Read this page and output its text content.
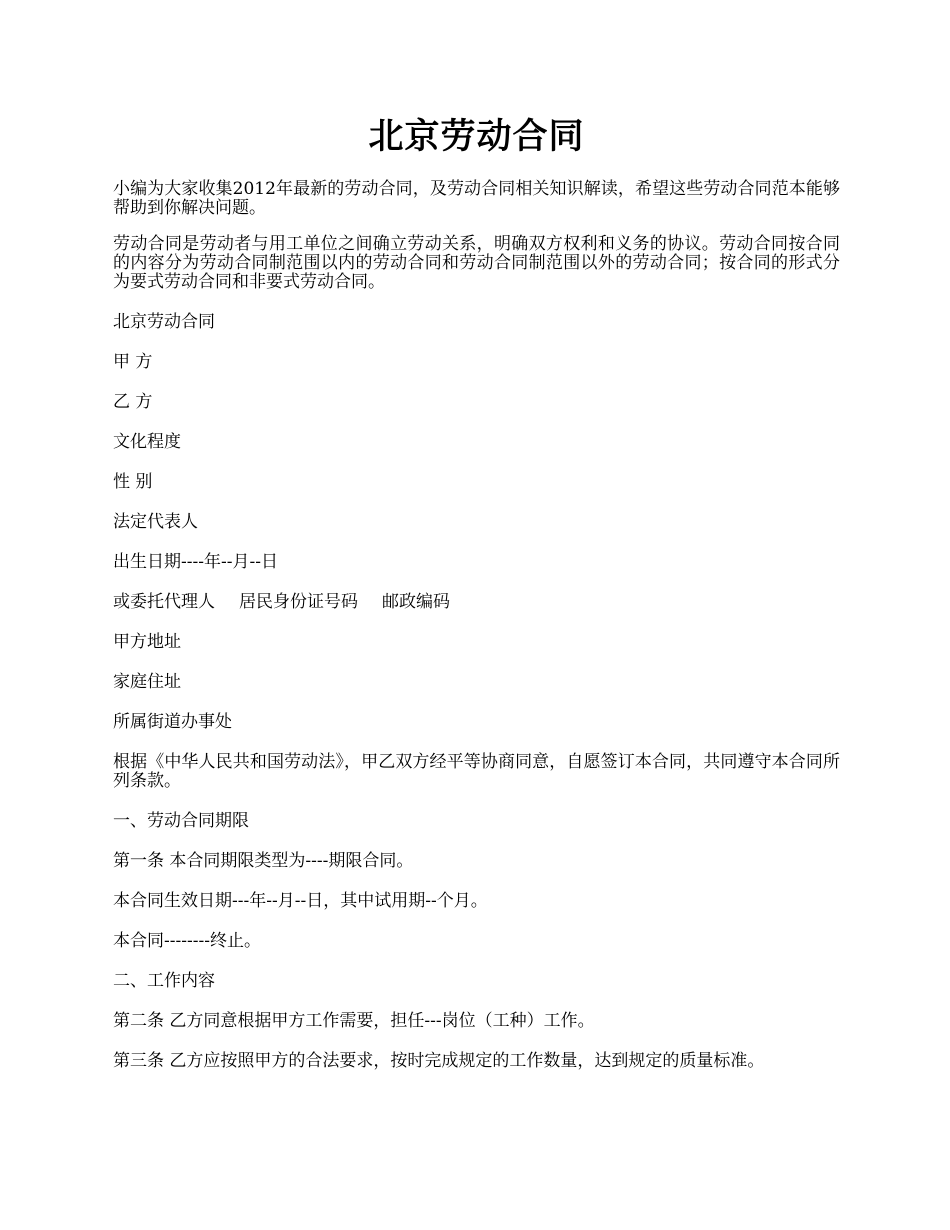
北京劳动合同

小编为大家收集2012年最新的劳动合同，及劳动合同相关知识解读，希望这些劳动合同范本能够帮助到你解决问题。

劳动合同是劳动者与用工单位之间确立劳动关系，明确双方权利和义务的协议。劳动合同按合同的内容分为劳动合同制范围以内的劳动合同和劳动合同制范围以外的劳动合同；按合同的形式分为要式劳动合同和非要式劳动合同。

北京劳动合同

甲 方

乙 方

文化程度

性 别

法定代表人

出生日期----年--月--日

或委托代理人 居民身份证号码 邮政编码

甲方地址

家庭住址

所属街道办事处

根据《中华人民共和国劳动法》，甲乙双方经平等协商同意，自愿签订本合同，共同遵守本合同所列条款。

一、劳动合同期限

第一条 本合同期限类型为----期限合同。

本合同生效日期---年--月--日，其中试用期--个月。

本合同--------终止。

二、工作内容

第二条 乙方同意根据甲方工作需要，担任---岗位（工种）工作。

第三条 乙方应按照甲方的合法要求，按时完成规定的工作数量，达到规定的质量标准。
